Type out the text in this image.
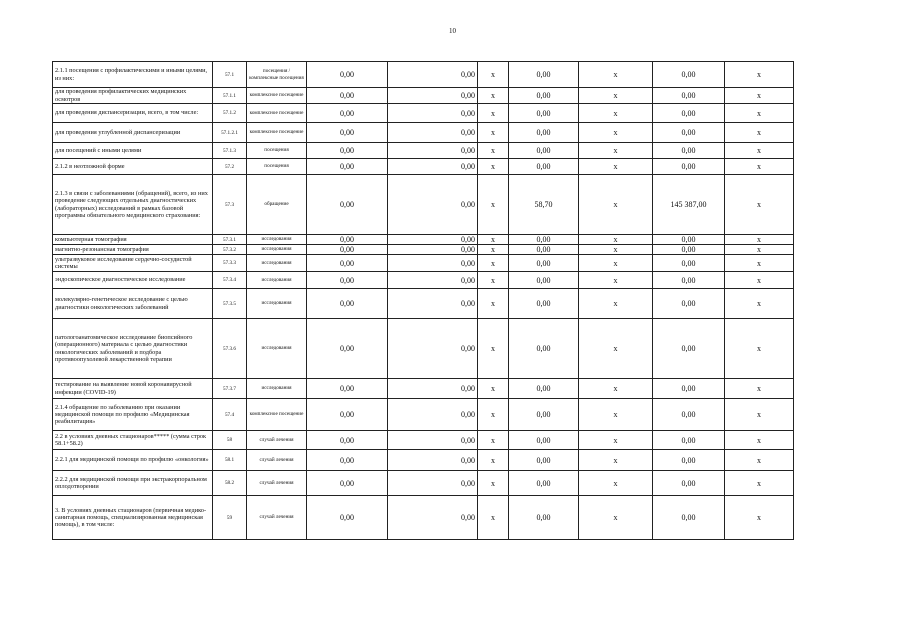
10
2.1.1 посещения с профилактическими и иными целями, из них:	57.1	посещения / комплексные посещения	0,00	0,00	x	0,00	x	0,00	x
для проведения профилактических медицинских осмотров	57.1.1	комплексное посещение	0,00	0,00	x	0,00	x	0,00	x
для проведения диспансеризации, всего, в том числе:	57.1.2	комплексное посещение	0,00	0,00	x	0,00	x	0,00	x
для проведения углубленной диспансеризации	57.1.2.1	комплексное посещение	0,00	0,00	x	0,00	x	0,00	x
для посещений с иными целями	57.1.3	посещения	0,00	0,00	x	0,00	x	0,00	x
2.1.2 в неотложной форме	57.2	посещения	0,00	0,00	x	0,00	x	0,00	x
2.1.3 в связи с заболеваниями (обращений), всего, из них проведение следующих отдельных диагностических (лабораторных) исследований в рамках базовой программы обязательного медицинского страхования:	57.3	обращение	0,00	0,00	x	58,70	x	145 387,00	x
компьютерная томография	57.3.1	исследования	0,00	0,00	x	0,00	x	0,00	x
магнитно-резонансная томография	57.3.2	исследования	0,00	0,00	x	0,00	x	0,00	x
ультразвуковое исследование сердечно-сосудистой системы	57.3.3	исследования	0,00	0,00	x	0,00	x	0,00	x
эндоскопическое диагностическое исследование	57.3.4	исследования	0,00	0,00	x	0,00	x	0,00	x
молекулярно-генетическое исследование с целью диагностики онкологических заболеваний	57.3.5	исследования	0,00	0,00	x	0,00	x	0,00	x
патологоанатомическое исследование биопсийного (операционного) материала с целью диагностики онкологических заболеваний и подбора противоопухолевой лекарственной терапии	57.3.6	исследования	0,00	0,00	x	0,00	x	0,00	x
тестирование на выявление новой коронавирусной инфекции (COVID-19)	57.3.7	исследования	0,00	0,00	x	0,00	x	0,00	x
2.1.4 обращение по заболеванию при оказании медицинской помощи по профилю «Медицинская реабилитация»	57.4	комплексное посещение	0,00	0,00	x	0,00	x	0,00	x
2.2 в условиях дневных стационаров***** (сумма строк 58.1+58.2)	58	случай лечения	0,00	0,00	x	0,00	x	0,00	x
2.2.1 для медицинской помощи по профилю «онкология»	58.1	случай лечения	0,00	0,00	x	0,00	x	0,00	x
2.2.2 для медицинской помощи при экстракорпоральном оплодотворении	58.2	случай лечения	0,00	0,00	x	0,00	x	0,00	x
3. В условиях дневных стационаров (первичная медико-санитарная помощь, специализированная медицинская помощь), в том числе:	59	случай лечения	0,00	0,00	x	0,00	x	0,00	x
